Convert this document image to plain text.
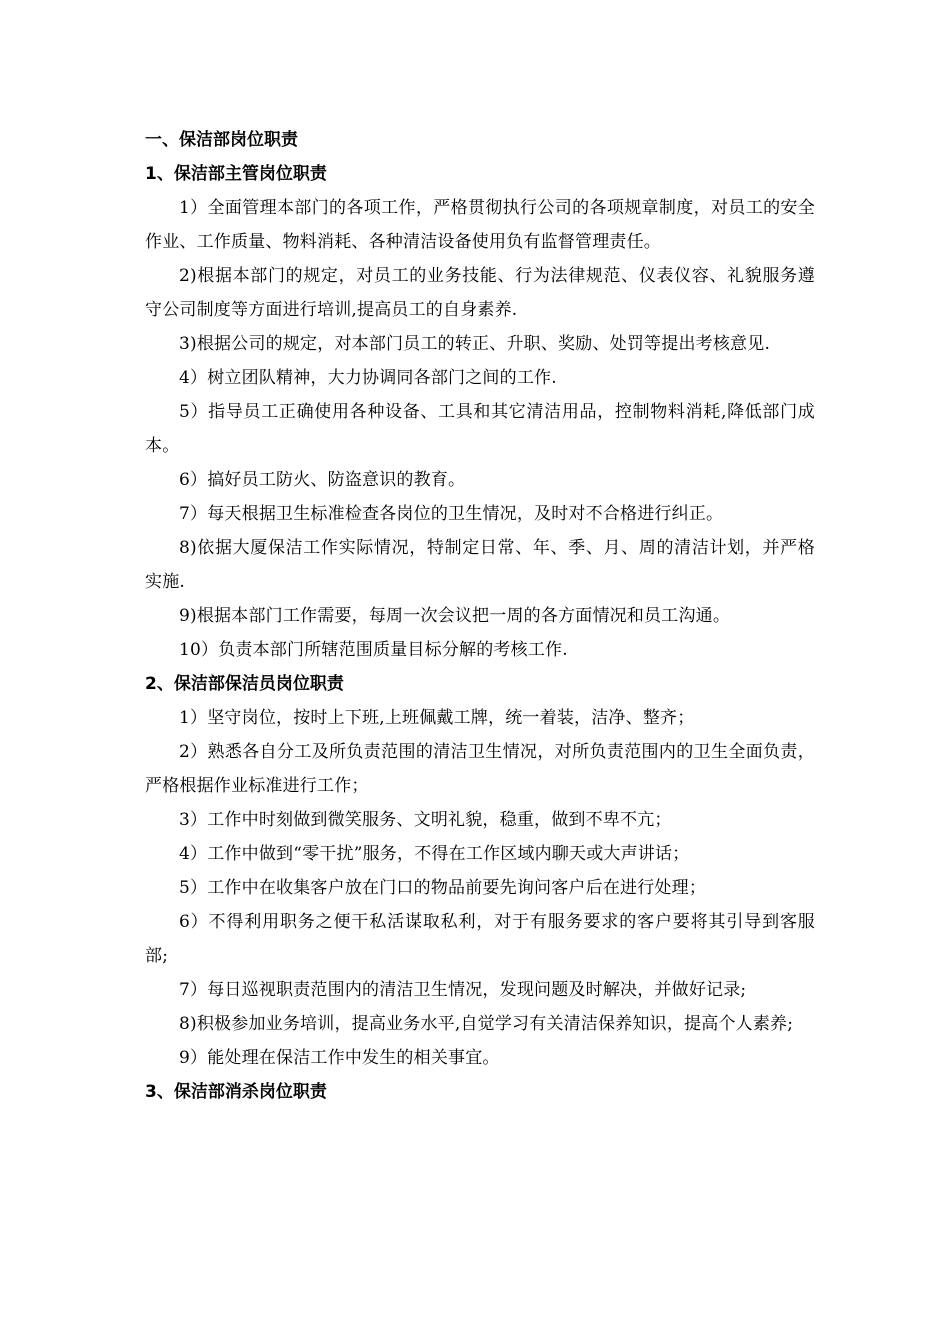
一、保洁部岗位职责
1、保洁部主管岗位职责

1）全面管理本部门的各项工作，严格贯彻执行公司的各项规章制度，对员工的安全作业、工作质量、物料消耗、各种清洁设备使用负有监督管理责任。

2)根据本部门的规定，对员工的业务技能、行为法律规范、仪表仪容、礼貌服务遵守公司制度等方面进行培训,提高员工的自身素养.

3)根据公司的规定，对本部门员工的转正、升职、奖励、处罚等提出考核意见.

4）树立团队精神，大力协调同各部门之间的工作.

5）指导员工正确使用各种设备、工具和其它清洁用品，控制物料消耗,降低部门成本。

6）搞好员工防火、防盗意识的教育。

7）每天根据卫生标准检查各岗位的卫生情况，及时对不合格进行纠正。

8)依据大厦保洁工作实际情况，特制定日常、年、季、月、周的清洁计划，并严格实施.

9)根据本部门工作需要，每周一次会议把一周的各方面情况和员工沟通。

10）负责本部门所辖范围质量目标分解的考核工作.

2、保洁部保洁员岗位职责

1）坚守岗位，按时上下班,上班佩戴工牌，统一着装，洁净、整齐；

2）熟悉各自分工及所负责范围的清洁卫生情况，对所负责范围内的卫生全面负责，严格根据作业标准进行工作；

3）工作中时刻做到微笑服务、文明礼貌，稳重，做到不卑不亢；

4）工作中做到“零干扰”服务，不得在工作区域内聊天或大声讲话；

5）工作中在收集客户放在门口的物品前要先询问客户后在进行处理；

6）不得利用职务之便干私活谋取私利，对于有服务要求的客户要将其引导到客服部;

7）每日巡视职责范围内的清洁卫生情况，发现问题及时解决，并做好记录;

8)积极参加业务培训，提高业务水平,自觉学习有关清洁保养知识，提高个人素养;

9）能处理在保洁工作中发生的相关事宜。

3、保洁部消杀岗位职责
